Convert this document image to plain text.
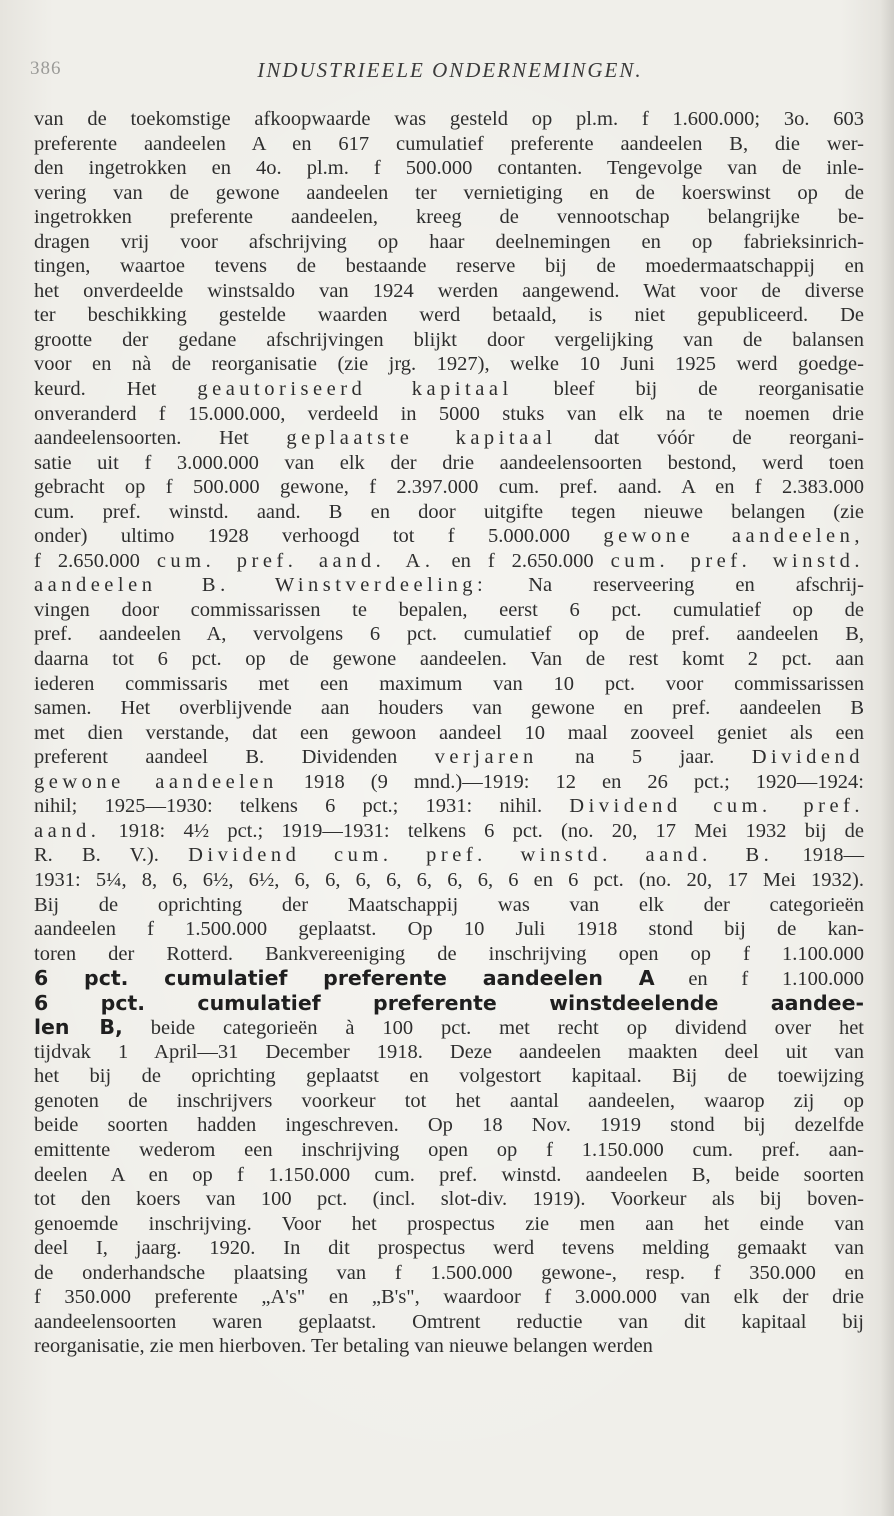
386	INDUSTRIEELE ONDERNEMINGEN.
van de toekomstige afkoopwaarde was gesteld op pl.m. f 1.600.000; 3o. 603
preferente aandeelen A en 617 cumulatief preferente aandeelen B, die wer-
den ingetrokken en 4o. pl.m. f 500.000 contanten. Tengevolge van de inle-
vering van de gewone aandeelen ter vernietiging en de koerswinst op de
ingetrokken preferente aandeelen, kreeg de vennootschap belangrijke be-
dragen vrij voor afschrijving op haar deelnemingen en op fabrieksinrich-
tingen, waartoe tevens de bestaande reserve bij de moedermaatschappij en
het onverdeelde winstsaldo van 1924 werden aangewend. Wat voor de diverse
ter beschikking gestelde waarden werd betaald, is niet gepubliceerd. De
grootte der gedane afschrijvingen blijkt door vergelijking van de balansen
voor en nà de reorganisatie (zie jrg. 1927), welke 10 Juni 1925 werd goedge-
keurd. Het geautoriseerd kapitaal bleef bij de reorganisatie
onveranderd f 15.000.000, verdeeld in 5000 stuks van elk na te noemen drie
aandeelensoorten. Het geplaatste kapitaal dat vóór de reorgani-
satie uit f 3.000.000 van elk der drie aandeelensoorten bestond, werd toen
gebracht op f 500.000 gewone, f 2.397.000 cum. pref. aand. A en f 2.383.000
cum. pref. winstd. aand. B en door uitgifte tegen nieuwe belangen (zie
onder) ultimo 1928 verhoogd tot f 5.000.000 gewone aandeelen,
f 2.650.000 cum. pref. aand. A. en f 2.650.000 cum. pref. winstd.
aandeelen B. Winstverdeeling: Na reserveering en afschrij-
vingen door commissarissen te bepalen, eerst 6 pct. cumulatief op de
pref. aandeelen A, vervolgens 6 pct. cumulatief op de pref. aandeelen B,
daarna tot 6 pct. op de gewone aandeelen. Van de rest komt 2 pct. aan
iederen commissaris met een maximum van 10 pct. voor commissarissen
samen. Het overblijvende aan houders van gewone en pref. aandeelen B
met dien verstande, dat een gewoon aandeel 10 maal zooveel geniet als een
preferent aandeel B. Dividenden verjaren na 5 jaar. Dividend
gewone aandeelen 1918 (9 mnd.)—1919: 12 en 26 pct.; 1920—1924:
nihil; 1925—1930: telkens 6 pct.; 1931: nihil. Dividend cum. pref.
aand. 1918: 4½ pct.; 1919—1931: telkens 6 pct. (no. 20, 17 Mei 1932 bij de
R. B. V.). Dividend cum. pref. winstd. aand. B. 1918—
1931: 5¼, 8, 6, 6½, 6½, 6, 6, 6, 6, 6, 6, 6, 6 en 6 pct. (no. 20, 17 Mei 1932).
Bij de oprichting der Maatschappij was van elk der categorieën
aandeelen f 1.500.000 geplaatst. Op 10 Juli 1918 stond bij de kan-
toren der Rotterd. Bankvereeniging de inschrijving open op f 1.100.000
6 pct. cumulatief preferente aandeelen A en f 1.100.000
6 pct. cumulatief preferente winstdeelende aandee-
len B, beide categorieën à 100 pct. met recht op dividend over het
tijdvak 1 April—31 December 1918. Deze aandeelen maakten deel uit van
het bij de oprichting geplaatst en volgestort kapitaal. Bij de toewijzing
genoten de inschrijvers voorkeur tot het aantal aandeelen, waarop zij op
beide soorten hadden ingeschreven. Op 18 Nov. 1919 stond bij dezelfde
emittente wederom een inschrijving open op f 1.150.000 cum. pref. aan-
deelen A en op f 1.150.000 cum. pref. winstd. aandeelen B, beide soorten
tot den koers van 100 pct. (incl. slot-div. 1919). Voorkeur als bij boven-
genoemde inschrijving. Voor het prospectus zie men aan het einde van
deel I, jaarg. 1920. In dit prospectus werd tevens melding gemaakt van
de onderhandsche plaatsing van f 1.500.000 gewone-, resp. f 350.000 en
f 350.000 preferente „A's" en „B's", waardoor f 3.000.000 van elk der drie
aandeelensoorten waren geplaatst. Omtrent reductie van dit kapitaal bij
reorganisatie, zie men hierboven. Ter betaling van nieuwe belangen werden
